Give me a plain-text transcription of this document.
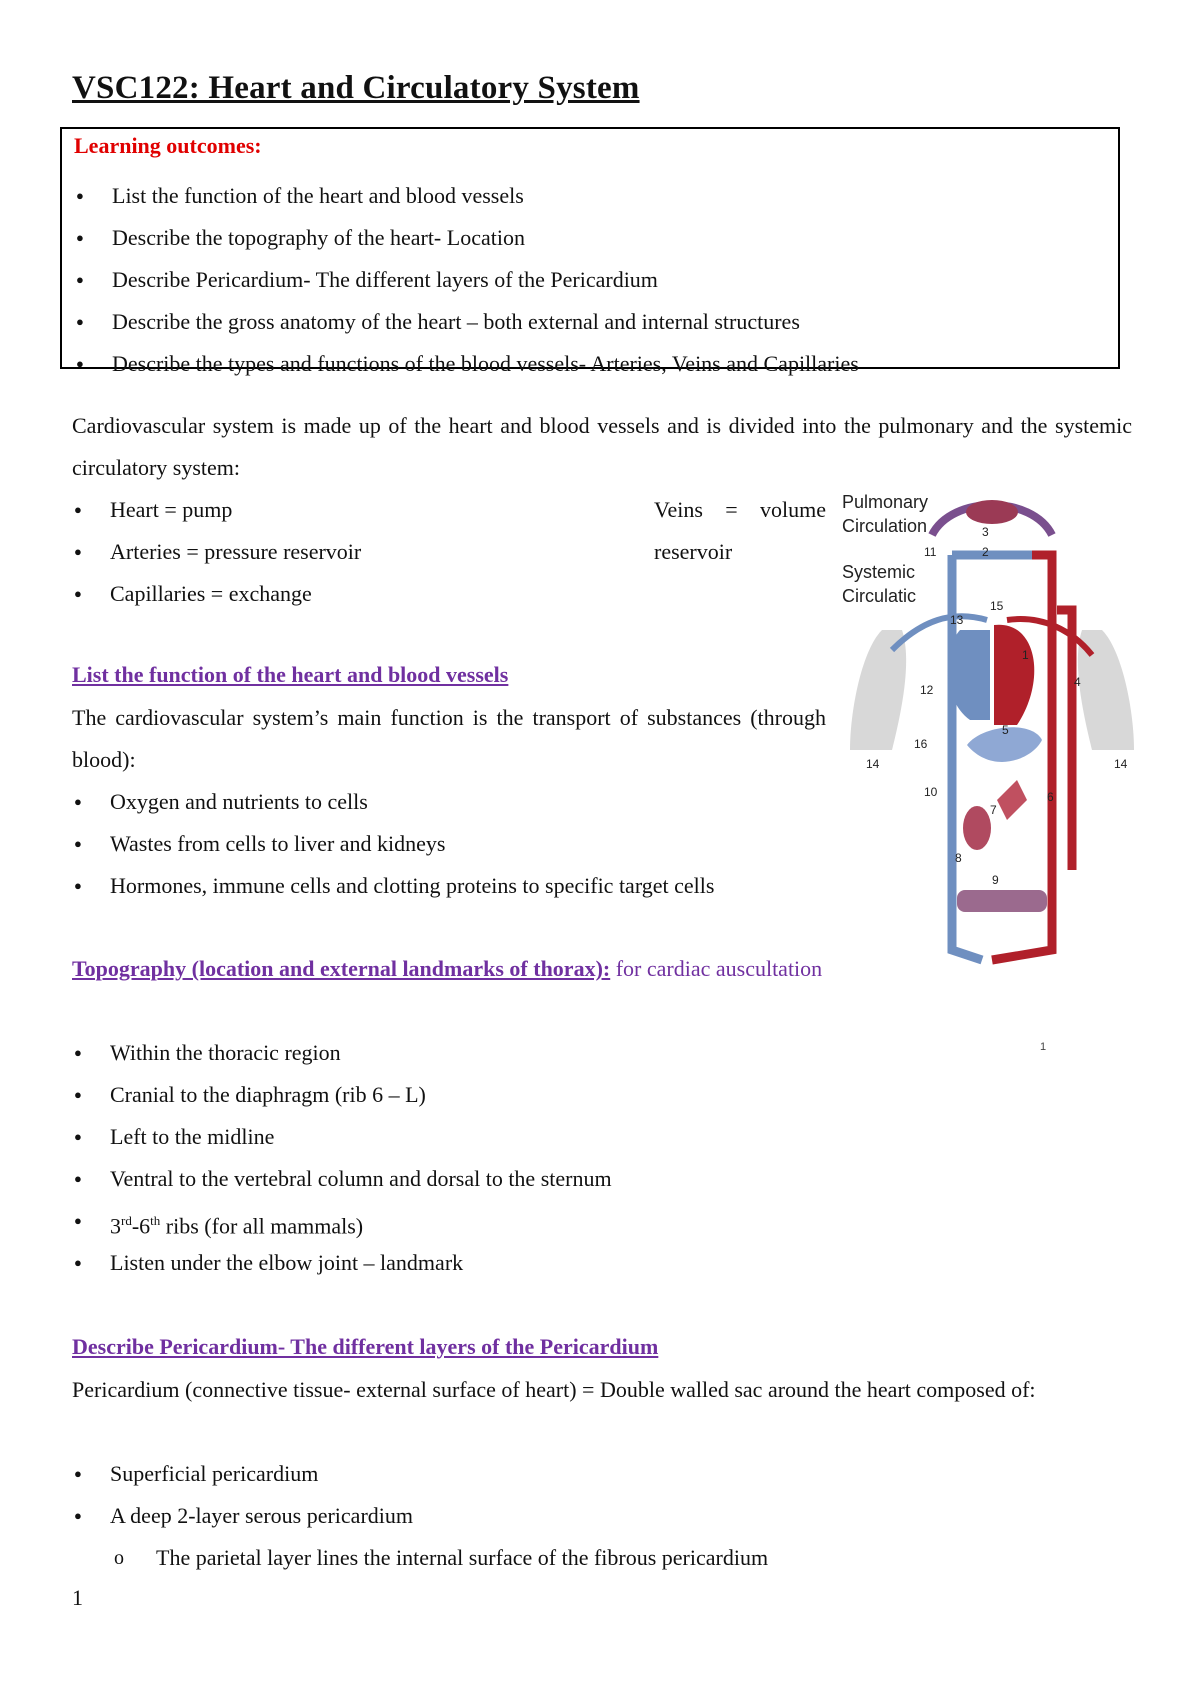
VSC122: Heart and Circulatory System
Learning outcomes:
● List the function of the heart and blood vessels
● Describe the topography of the heart- Location
● Describe Pericardium- The different layers of the Pericardium
● Describe the gross anatomy of the heart – both external and internal structures
● Describe the types and functions of the blood vessels- Arteries, Veins and Capillaries
Cardiovascular system is made up of the heart and blood vessels and is divided into the pulmonary and the systemic circulatory system:
● Heart = pump
● Arteries = pressure reservoir
● Capillaries = exchange
Veins = volume reservoir
Pulmonary Circulation
Systemic Circulatic
1
1
2
3
4
5
6
7
8
9
10
11
12
13
14	14
15
16
List the function of the heart and blood vessels
The cardiovascular system’s main function is the transport of substances (through blood):
● Oxygen and nutrients to cells
● Wastes from cells to liver and kidneys
● Hormones, immune cells and clotting proteins to specific target cells
Topography (location and external landmarks of thorax): for cardiac auscultation
● Within the thoracic region
● Cranial to the diaphragm (rib 6 – L)
● Left to the midline
● Ventral to the vertebral column and dorsal to the sternum
● 3rd-6th ribs (for all mammals)
● Listen under the elbow joint – landmark
Describe Pericardium- The different layers of the Pericardium
Pericardium (connective tissue- external surface of heart) = Double walled sac around the heart composed of:
● Superficial pericardium
● A deep 2-layer serous pericardium
o The parietal layer lines the internal surface of the fibrous pericardium
1
